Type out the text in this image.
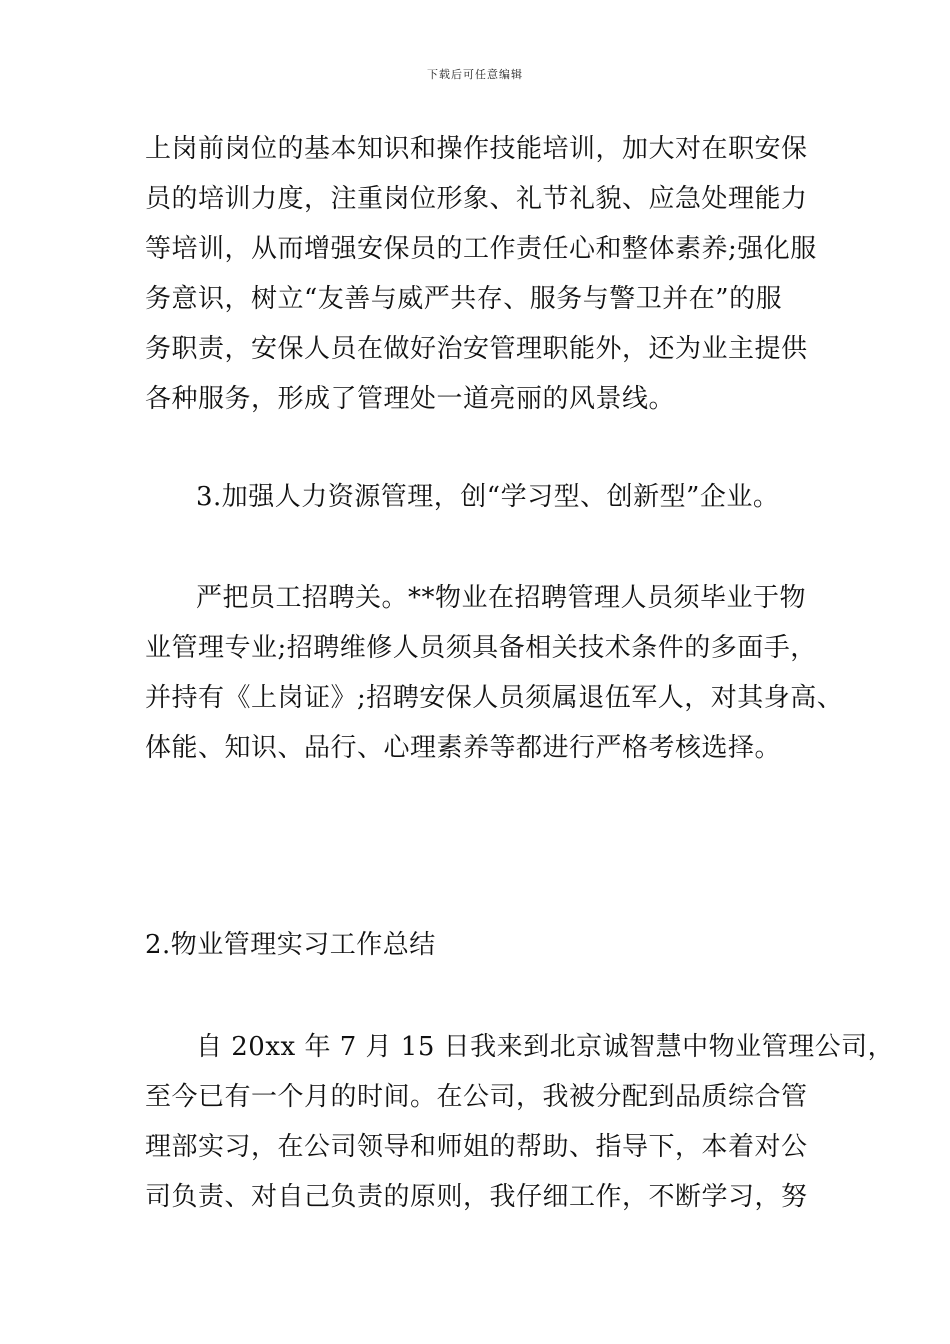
下载后可任意编辑
上岗前岗位的基本知识和操作技能培训，加大对在职安保
员的培训力度，注重岗位形象、礼节礼貌、应急处理能力
等培训，从而增强安保员的工作责任心和整体素养;强化服
务意识，树立“友善与威严共存、服务与警卫并在”的服
务职责，安保人员在做好治安管理职能外，还为业主提供
各种服务，形成了管理处一道亮丽的风景线。
3.加强人力资源管理，创“学习型、创新型”企业。
严把员工招聘关。**物业在招聘管理人员须毕业于物
业管理专业;招聘维修人员须具备相关技术条件的多面手，
并持有《上岗证》;招聘安保人员须属退伍军人，对其身高、
体能、知识、品行、心理素养等都进行严格考核选择。
2.物业管理实习工作总结
自 20xx 年 7 月 15 日我来到北京诚智慧中物业管理公司，
至今已有一个月的时间。在公司，我被分配到品质综合管
理部实习，在公司领导和师姐的帮助、指导下，本着对公
司负责、对自己负责的原则，我仔细工作，不断学习，努
